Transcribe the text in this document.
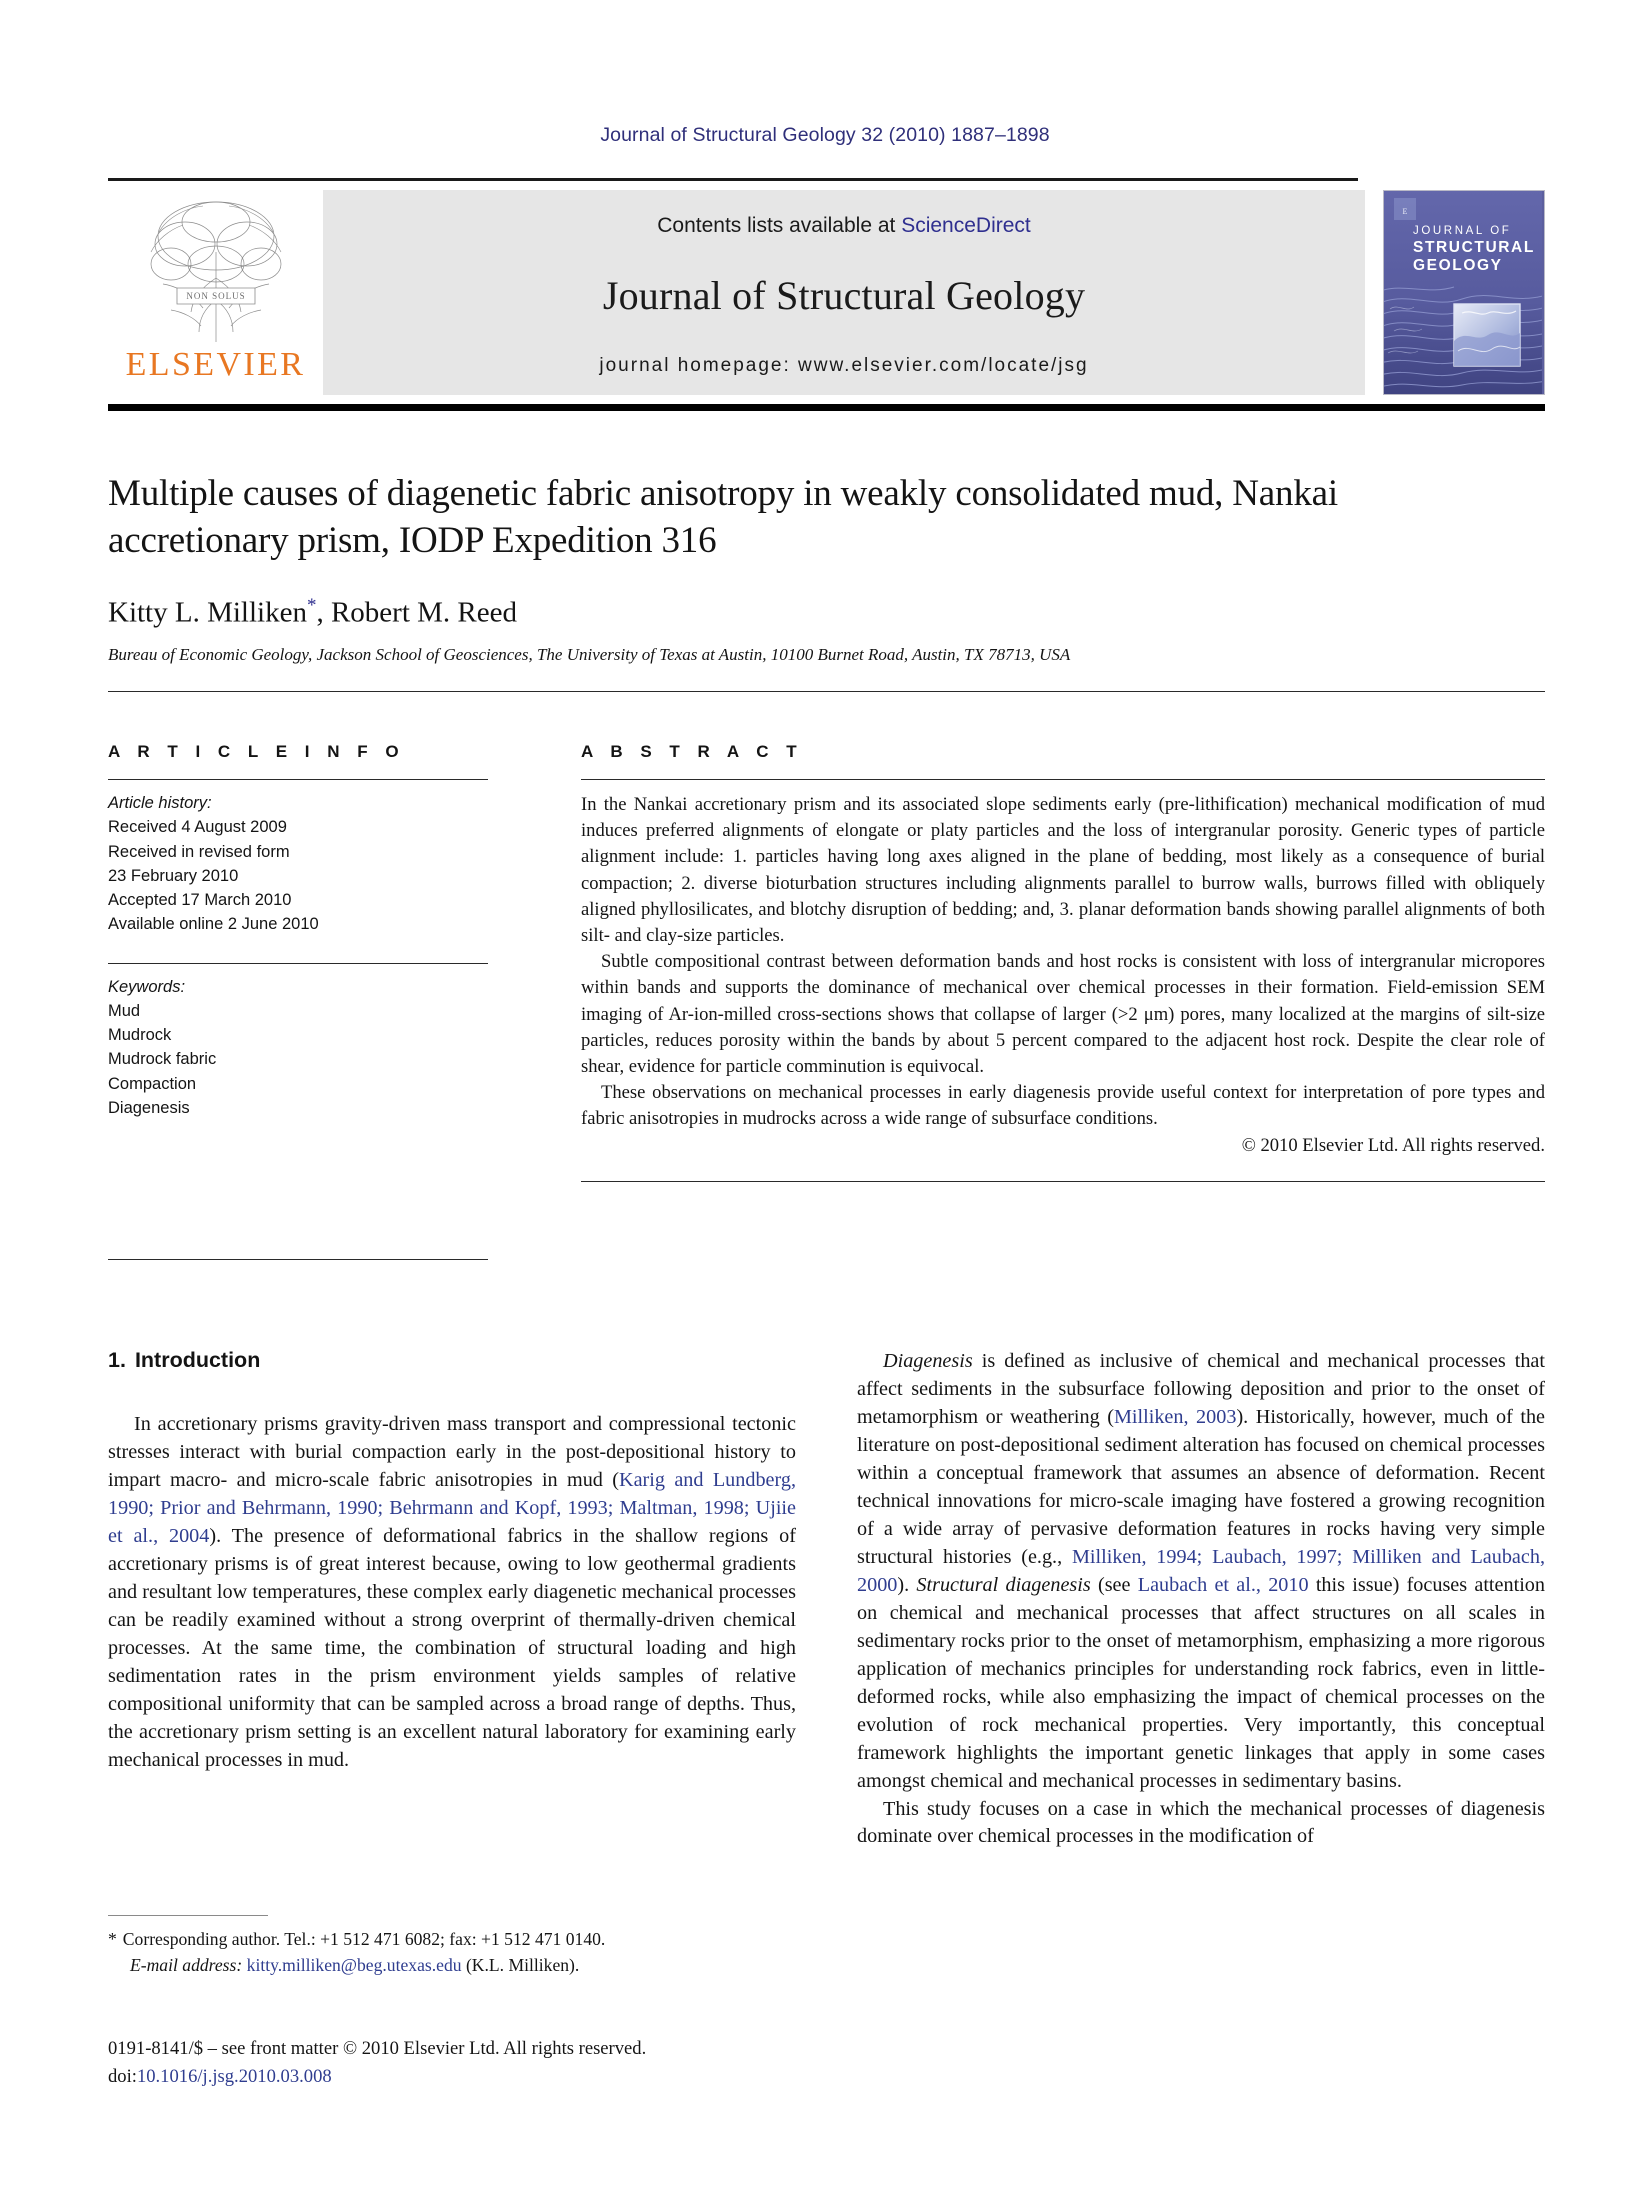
Journal of Structural Geology 32 (2010) 1887–1898
NON SOLUS
ELSEVIER
Contents lists available at ScienceDirect
Journal of Structural Geology
journal homepage: www.elsevier.com/locate/jsg
E
JOURNAL OF
STRUCTURAL
GEOLOGY
Multiple causes of diagenetic fabric anisotropy in weakly consolidated mud, Nankai accretionary prism, IODP Expedition 316
Kitty L. Milliken*, Robert M. Reed
Bureau of Economic Geology, Jackson School of Geosciences, The University of Texas at Austin, 10100 Burnet Road, Austin, TX 78713, USA
A R T I C L E I N F O
Article history:
Received 4 August 2009
Received in revised form
23 February 2010
Accepted 17 March 2010
Available online 2 June 2010
Keywords:
Mud
Mudrock
Mudrock fabric
Compaction
Diagenesis
A B S T R A C T

In the Nankai accretionary prism and its associated slope sediments early (pre-lithification) mechanical modification of mud induces preferred alignments of elongate or platy particles and the loss of intergranular porosity. Generic types of particle alignment include: 1. particles having long axes aligned in the plane of bedding, most likely as a consequence of burial compaction; 2. diverse bioturbation structures including alignments parallel to burrow walls, burrows filled with obliquely aligned phyllosilicates, and blotchy disruption of bedding; and, 3. planar deformation bands showing parallel alignments of both silt- and clay-size particles.

Subtle compositional contrast between deformation bands and host rocks is consistent with loss of intergranular micropores within bands and supports the dominance of mechanical over chemical processes in their formation. Field-emission SEM imaging of Ar-ion-milled cross-sections shows that collapse of larger (>2 μm) pores, many localized at the margins of silt-size particles, reduces porosity within the bands by about 5 percent compared to the adjacent host rock. Despite the clear role of shear, evidence for particle comminution is equivocal.

These observations on mechanical processes in early diagenesis provide useful context for interpretation of pore types and fabric anisotropies in mudrocks across a wide range of subsurface conditions.

© 2010 Elsevier Ltd. All rights reserved.
1. Introduction

In accretionary prisms gravity-driven mass transport and compressional tectonic stresses interact with burial compaction early in the post-depositional history to impart macro- and micro-scale fabric anisotropies in mud (Karig and Lundberg, 1990; Prior and Behrmann, 1990; Behrmann and Kopf, 1993; Maltman, 1998; Ujiie et al., 2004). The presence of deformational fabrics in the shallow regions of accretionary prisms is of great interest because, owing to low geothermal gradients and resultant low temperatures, these complex early diagenetic mechanical processes can be readily examined without a strong overprint of thermally-driven chemical processes. At the same time, the combination of structural loading and high sedimentation rates in the prism environment yields samples of relative compositional uniformity that can be sampled across a broad range of depths. Thus, the accretionary prism setting is an excellent natural laboratory for examining early mechanical processes in mud.

Diagenesis is defined as inclusive of chemical and mechanical processes that affect sediments in the subsurface following deposition and prior to the onset of metamorphism or weathering (Milliken, 2003). Historically, however, much of the literature on post-depositional sediment alteration has focused on chemical processes within a conceptual framework that assumes an absence of deformation. Recent technical innovations for micro-scale imaging have fostered a growing recognition of a wide array of pervasive deformation features in rocks having very simple structural histories (e.g., Milliken, 1994; Laubach, 1997; Milliken and Laubach, 2000). Structural diagenesis (see Laubach et al., 2010 this issue) focuses attention on chemical and mechanical processes that affect structures on all scales in sedimentary rocks prior to the onset of metamorphism, emphasizing a more rigorous application of mechanics principles for understanding rock fabrics, even in little-deformed rocks, while also emphasizing the impact of chemical processes on the evolution of rock mechanical properties. Very importantly, this conceptual framework highlights the important genetic linkages that apply in some cases amongst chemical and mechanical processes in sedimentary basins.

This study focuses on a case in which the mechanical processes of diagenesis dominate over chemical processes in the modification of

* Corresponding author. Tel.: +1 512 471 6082; fax: +1 512 471 0140.
E-mail address: kitty.milliken@beg.utexas.edu (K.L. Milliken).
0191-8141/$ – see front matter © 2010 Elsevier Ltd. All rights reserved.
doi:10.1016/j.jsg.2010.03.008
